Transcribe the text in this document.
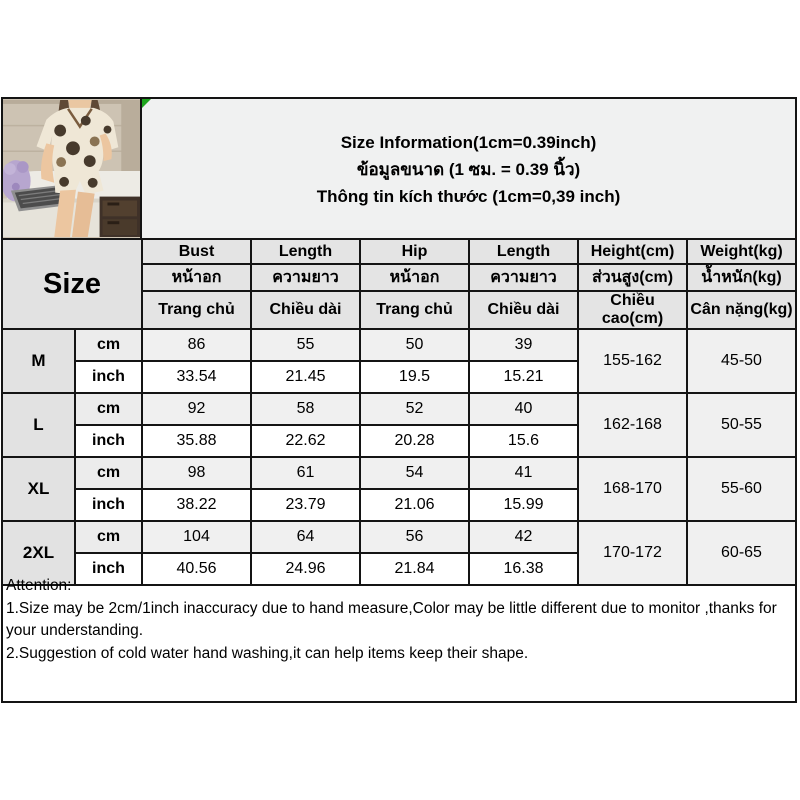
Size Information(1cm=0.39inch)
ข้อมูลขนาด (1 ซม. = 0.39 นิ้ว)
Thông tin kích thước (1cm=0,39 inch)
Size		Bust	Length	Hip	Length	Height(cm)	Weight(kg)
		หน้าอก	ความยาว	หน้าอก	ความยาว	ส่วนสูง(cm)	น้ำหนัก(kg)
		Trang chủ	Chiều dài	Trang chủ	Chiều dài	Chiều cao(cm)	Cân nặng(kg)
M	cm	86	55	50	39	155-162	45-50
	inch	33.54	21.45	19.5	15.21		
L	cm	92	58	52	40	162-168	50-55
	inch	35.88	22.62	20.28	15.6		
XL	cm	98	61	54	41	168-170	55-60
	inch	38.22	23.79	21.06	15.99		
2XL	cm	104	64	56	42	170-172	60-65
	inch	40.56	24.96	21.84	16.38		
Attention:
1.Size may be 2cm/1inch inaccuracy due to hand measure,Color may be little different due to monitor ,thanks for your understanding.
2.Suggestion of cold water hand washing,it can help items keep their shape.
